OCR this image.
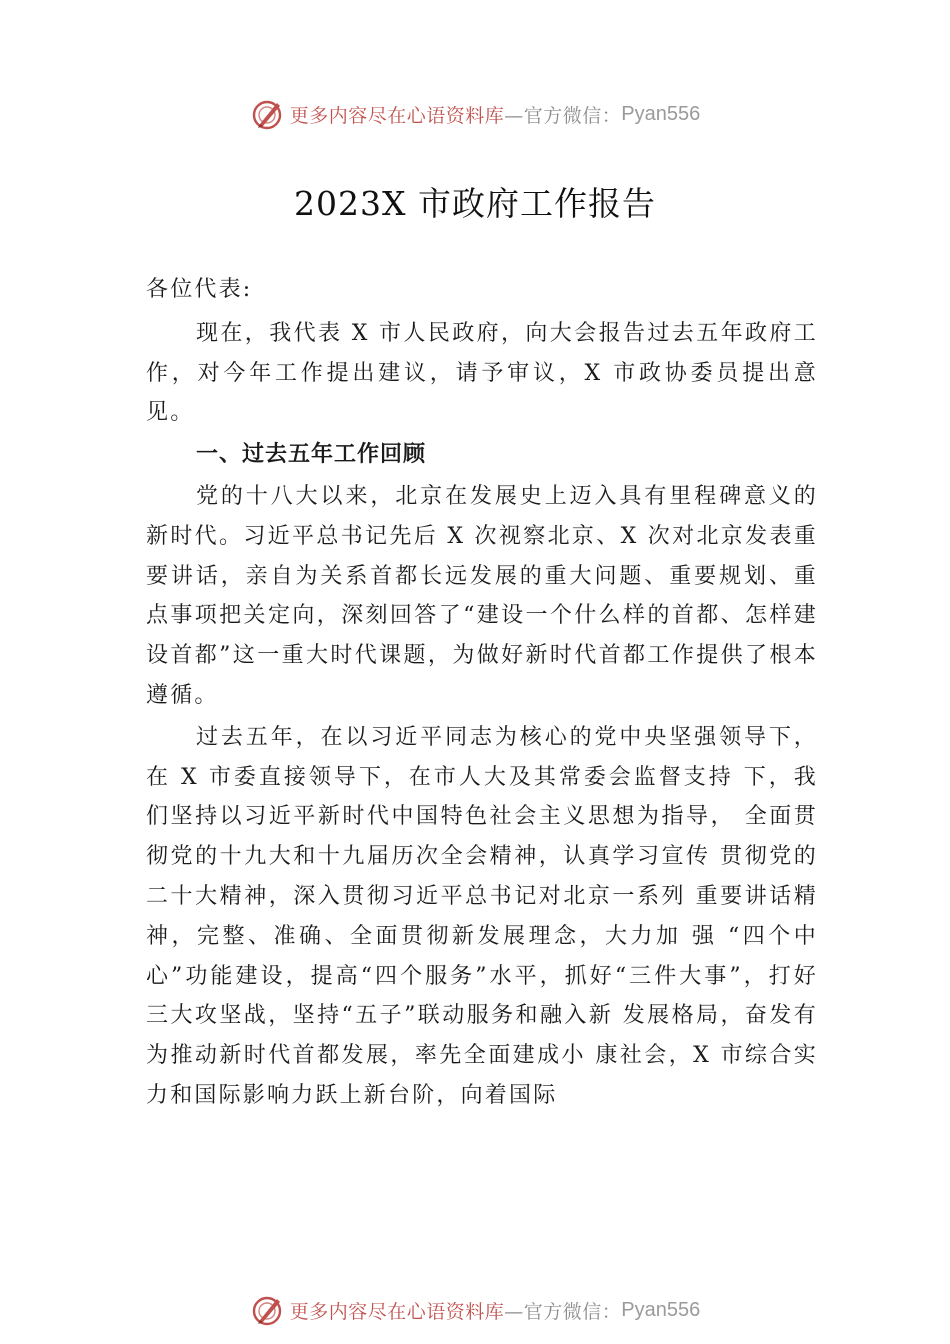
更多内容尽在心语资料库 —官方微信： Pyan556
2023X 市政府工作报告

各位代表:

现在，我代表 X 市人民政府，向大会报告过去五年政府工作，对今年工作提出建议，请予审议，X 市政协委员提出意见。

一、过去五年工作回顾

党的十八大以来，北京在发展史上迈入具有里程碑意义的新时代。习近平总书记先后 X 次视察北京、X 次对北京发表重要讲话，亲自为关系首都长远发展的重大问题、重要规划、重点事项把关定向，深刻回答了“建设一个什么样的首都、怎样建设首都”这一重大时代课题，为做好新时代首都工作提供了根本遵循。

过去五年，在以习近平同志为核心的党中央坚强领导下，在 X 市委直接领导下，在市人大及其常委会监督支持 下，我们坚持以习近平新时代中国特色社会主义思想为指导， 全面贯彻党的十九大和十九届历次全会精神，认真学习宣传 贯彻党的二十大精神，深入贯彻习近平总书记对北京一系列 重要讲话精神，完整、准确、全面贯彻新发展理念，大力加 强 “四个中心”功能建设，提高“四个服务”水平，抓好“三件大事”，打好三大攻坚战，坚持“五子”联动服务和融入新 发展格局，奋发有为推动新时代首都发展，率先全面建成小 康社会，X 市综合实力和国际影响力跃上新台阶，向着国际

更多内容尽在心语资料库 —官方微信： Pyan556
